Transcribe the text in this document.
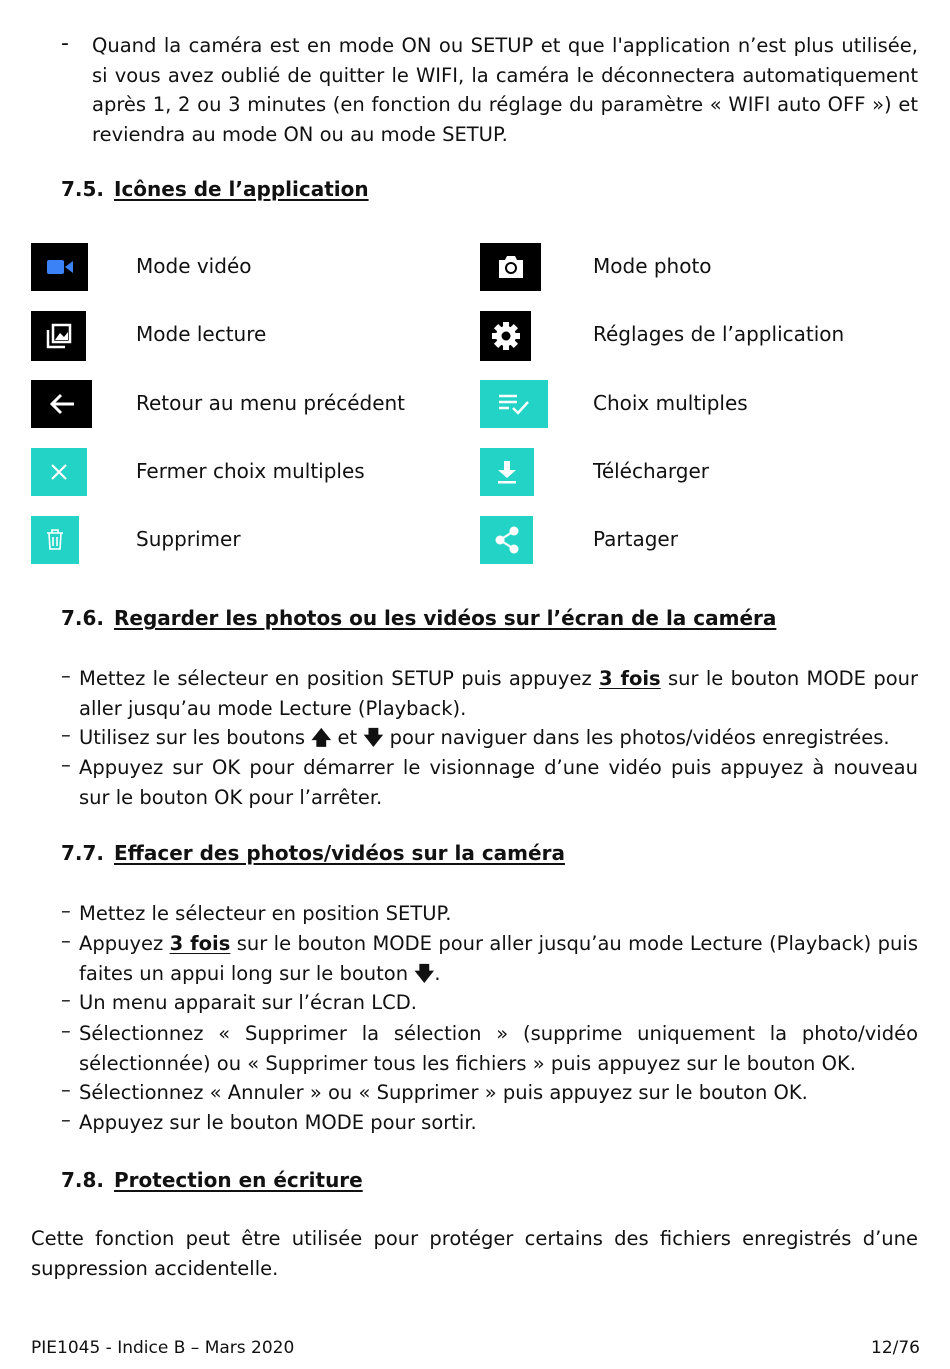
- Quand la caméra est en mode ON ou SETUP et que l'application n’est plus utilisée, si vous avez oublié de quitter le WIFI, la caméra le déconnectera automatiquement après 1, 2 ou 3 minutes (en fonction du réglage du paramètre « WIFI auto OFF ») et reviendra au mode ON ou au mode SETUP.
7.5. Icônes de l’application
Mode vidéo	Mode photo
Mode lecture	Réglages de l’application
Retour au menu précédent	Choix multiples
Fermer choix multiples	Télécharger
Supprimer	Partager
7.6. Regarder les photos ou les vidéos sur l’écran de la caméra
– Mettez le sélecteur en position SETUP puis appuyez 3 fois sur le bouton MODE pour aller jusqu’au mode Lecture (Playback).
– Utilisez sur les boutons 🡅 et 🡇 pour naviguer dans les photos/vidéos enregistrées.
– Appuyez sur OK pour démarrer le visionnage d’une vidéo puis appuyez à nouveau sur le bouton OK pour l’arrêter.
7.7. Effacer des photos/vidéos sur la caméra
– Mettez le sélecteur en position SETUP.
– Appuyez 3 fois sur le bouton MODE pour aller jusqu’au mode Lecture (Playback) puis faites un appui long sur le bouton 🡇.
– Un menu apparait sur l’écran LCD.
– Sélectionnez « Supprimer la sélection » (supprime uniquement la photo/vidéo sélectionnée) ou « Supprimer tous les fichiers » puis appuyez sur le bouton OK.
– Sélectionnez « Annuler » ou « Supprimer » puis appuyez sur le bouton OK.
– Appuyez sur le bouton MODE pour sortir.
7.8. Protection en écriture
Cette fonction peut être utilisée pour protéger certains des fichiers enregistrés d’une suppression accidentelle.
PIE1045 - Indice B – Mars 2020	12/76
